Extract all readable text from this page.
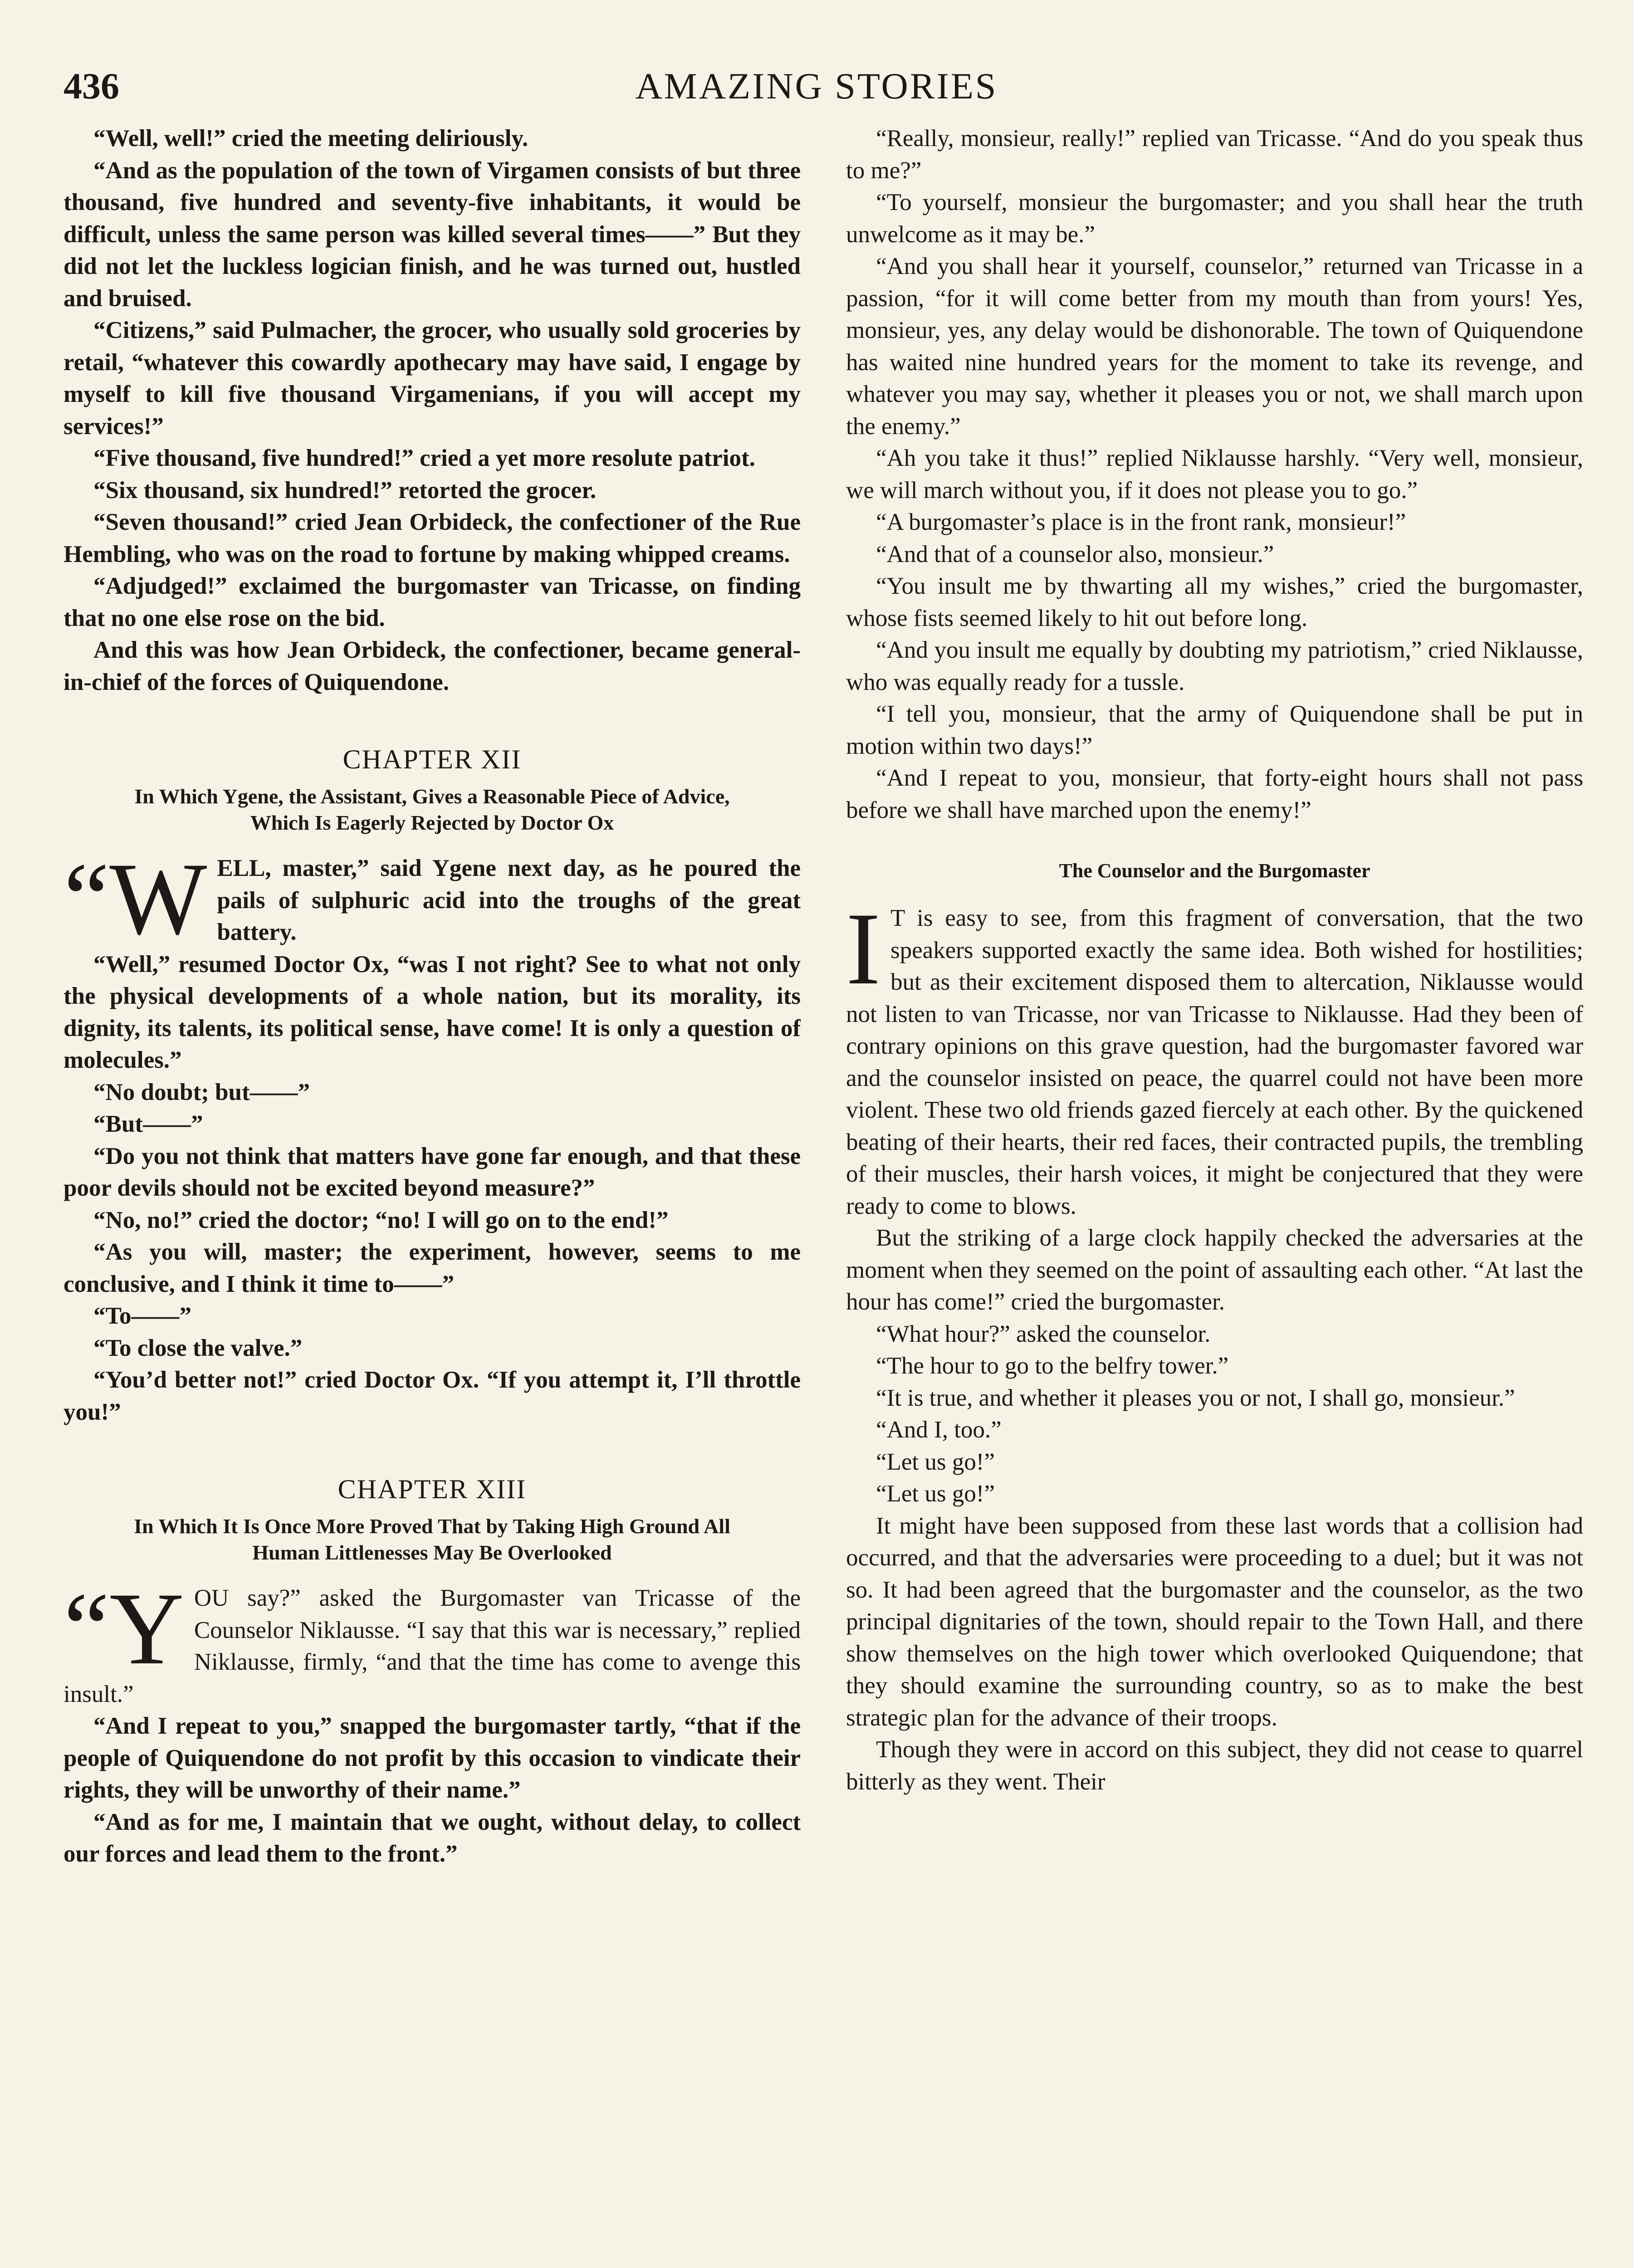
436	AMAZING STORIES

“Well, well!” cried the meeting deliriously.

“And as the population of the town of Virgamen consists of but three thousand, five hundred and seventy-five inhabitants, it would be difficult, unless the same person was killed several times——” But they did not let the luckless logician finish, and he was turned out, hustled and bruised.

“Citizens,” said Pulmacher, the grocer, who usually sold groceries by retail, “whatever this cowardly apothecary may have said, I engage by myself to kill five thousand Virgamenians, if you will accept my services!”

“Five thousand, five hundred!” cried a yet more resolute patriot.

“Six thousand, six hundred!” retorted the grocer.

“Seven thousand!” cried Jean Orbideck, the confectioner of the Rue Hembling, who was on the road to fortune by making whipped creams.

“Adjudged!” exclaimed the burgomaster van Tricasse, on finding that no one else rose on the bid.

And this was how Jean Orbideck, the confectioner, became general-in-chief of the forces of Quiquendone.

CHAPTER XII
In Which Ygene, the Assistant, Gives a Reasonable Piece of Advice, Which Is Eagerly Rejected by Doctor Ox

“WELL, master,” said Ygene next day, as he poured the pails of sulphuric acid into the troughs of the great battery.

“Well,” resumed Doctor Ox, “was I not right? See to what not only the physical developments of a whole nation, but its morality, its dignity, its talents, its political sense, have come! It is only a question of molecules.”

“No doubt; but——”

“But——”

“Do you not think that matters have gone far enough, and that these poor devils should not be excited beyond measure?”

“No, no!” cried the doctor; “no! I will go on to the end!”

“As you will, master; the experiment, however, seems to me conclusive, and I think it time to——”

“To——”

“To close the valve.”

“You’d better not!” cried Doctor Ox. “If you attempt it, I’ll throttle you!”

CHAPTER XIII
In Which It Is Once More Proved That by Taking High Ground All Human Littlenesses May Be Overlooked

“YOU say?” asked the Burgomaster van Tricasse of the Counselor Niklausse. “I say that this war is necessary,” replied Niklausse, firmly, “and that the time has come to avenge this insult.”

“And I repeat to you,” snapped the burgomaster tartly, “that if the people of Quiquendone do not profit by this occasion to vindicate their rights, they will be unworthy of their name.”

“And as for me, I maintain that we ought, without delay, to collect our forces and lead them to the front.”

“Really, monsieur, really!” replied van Tricasse. “And do you speak thus to me?”

“To yourself, monsieur the burgomaster; and you shall hear the truth unwelcome as it may be.”

“And you shall hear it yourself, counselor,” returned van Tricasse in a passion, “for it will come better from my mouth than from yours! Yes, monsieur, yes, any delay would be dishonorable. The town of Quiquendone has waited nine hundred years for the moment to take its revenge, and whatever you may say, whether it pleases you or not, we shall march upon the enemy.”

“Ah you take it thus!” replied Niklausse harshly. “Very well, monsieur, we will march without you, if it does not please you to go.”

“A burgomaster’s place is in the front rank, monsieur!”

“And that of a counselor also, monsieur.”

“You insult me by thwarting all my wishes,” cried the burgomaster, whose fists seemed likely to hit out before long.

“And you insult me equally by doubting my patriotism,” cried Niklausse, who was equally ready for a tussle.

“I tell you, monsieur, that the army of Quiquendone shall be put in motion within two days!”

“And I repeat to you, monsieur, that forty-eight hours shall not pass before we shall have marched upon the enemy!”

The Counselor and the Burgomaster

I T is easy to see, from this fragment of conversation, that the two speakers supported exactly the same idea. Both wished for hostilities; but as their excitement disposed them to altercation, Niklausse would not listen to van Tricasse, nor van Tricasse to Niklausse. Had they been of contrary opinions on this grave question, had the burgomaster favored war and the counselor insisted on peace, the quarrel could not have been more violent. These two old friends gazed fiercely at each other. By the quickened beating of their hearts, their red faces, their contracted pupils, the trembling of their muscles, their harsh voices, it might be conjectured that they were ready to come to blows.

But the striking of a large clock happily checked the adversaries at the moment when they seemed on the point of assaulting each other. “At last the hour has come!” cried the burgomaster.

“What hour?” asked the counselor.

“The hour to go to the belfry tower.”

“It is true, and whether it pleases you or not, I shall go, monsieur.”

“And I, too.”

“Let us go!”

“Let us go!”

It might have been supposed from these last words that a collision had occurred, and that the adversaries were proceeding to a duel; but it was not so. It had been agreed that the burgomaster and the counselor, as the two principal dignitaries of the town, should repair to the Town Hall, and there show themselves on the high tower which overlooked Quiquendone; that they should examine the surrounding country, so as to make the best strategic plan for the advance of their troops.

Though they were in accord on this subject, they did not cease to quarrel bitterly as they went. Their
